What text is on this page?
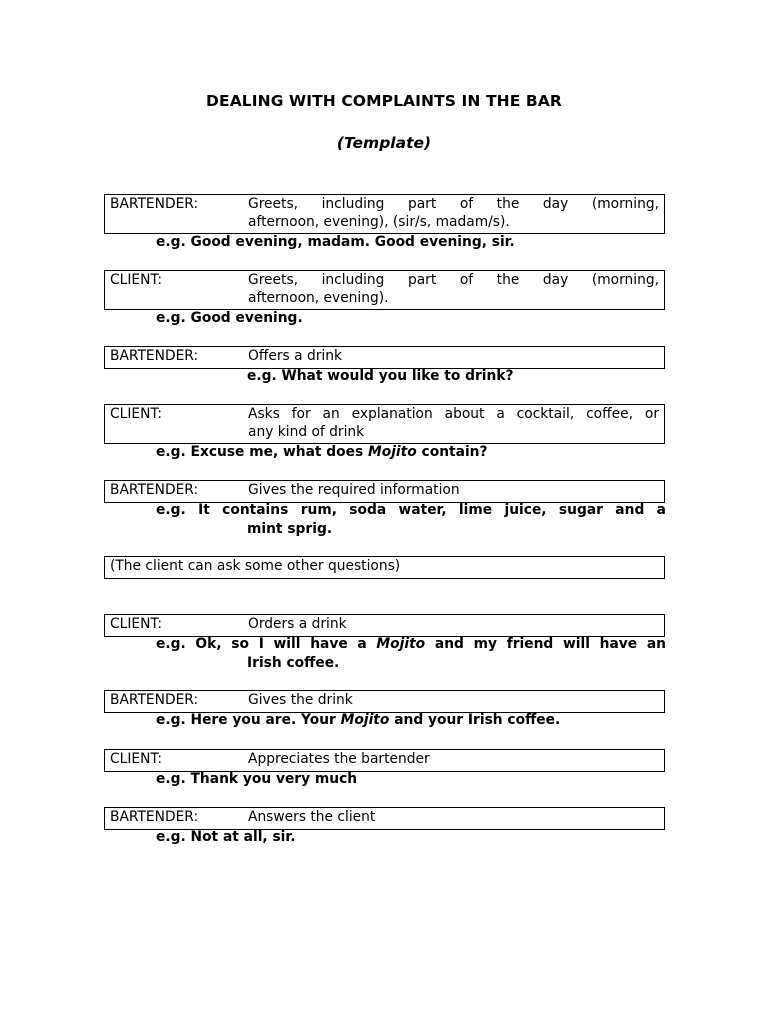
DEALING WITH COMPLAINTS IN THE BAR
(Template)
BARTENDER:	Greets, including part of the day (morning,
afternoon, evening), (sir/s, madam/s).
e.g. Good evening, madam. Good evening, sir.
CLIENT:	Greets, including part of the day (morning,
afternoon, evening).
e.g. Good evening.
BARTENDER:	Offers a drink
e.g. What would you like to drink?
CLIENT:	Asks for an explanation about a cocktail, coffee, or
any kind of drink
e.g. Excuse me, what does Mojito contain?
BARTENDER:	Gives the required information
e.g. It contains rum, soda water, lime juice, sugar and a
mint sprig.
(The client can ask some other questions)
CLIENT:	Orders a drink
e.g. Ok, so I will have a Mojito and my friend will have an
Irish coffee.
BARTENDER:	Gives the drink
e.g. Here you are. Your Mojito and your Irish coffee.
CLIENT:	Appreciates the bartender
e.g. Thank you very much
BARTENDER:	Answers the client
e.g. Not at all, sir.
